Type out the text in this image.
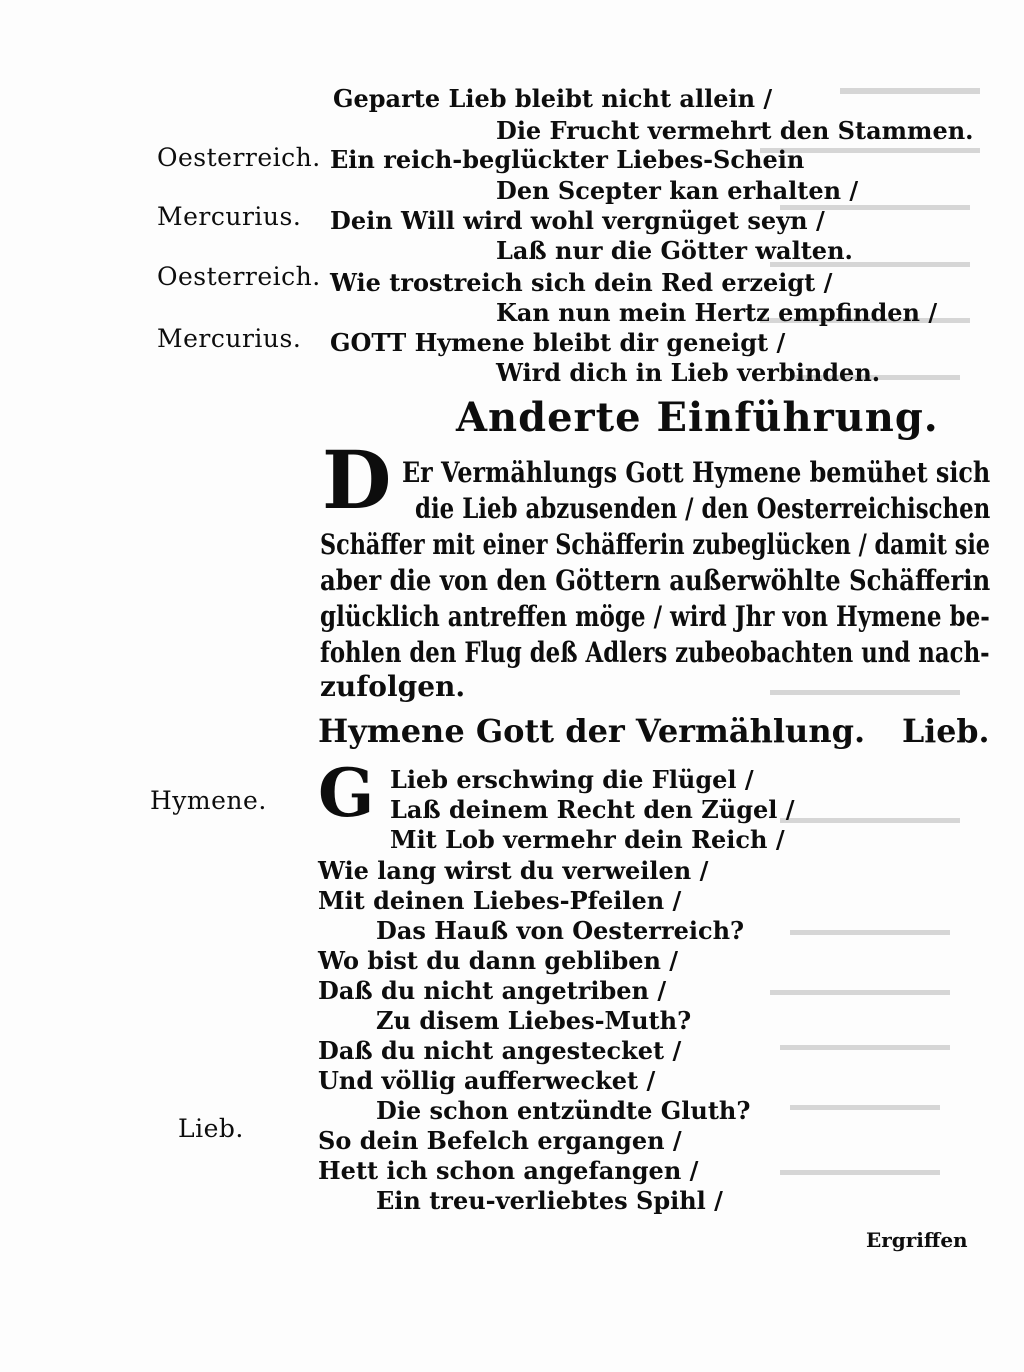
Geparte Lieb bleibt nicht allein /
Die Frucht vermehrt den Stammen.
Oesterreich. Ein reich-beglückter Liebes-Schein
Den Scepter kan erhalten /
Mercurius. Dein Will wird wohl vergnüget seyn /
Laß nur die Götter walten.
Oesterreich. Wie trostreich sich dein Red erzeigt /
Kan nun mein Hertz empfinden /
Mercurius. GOTT Hymene bleibt dir geneigt /
Wird dich in Lieb verbinden.
Anderte Einführung.
D Er Vermählungs Gott Hymene bemühet sich
die Lieb abzusenden / den Oesterreichischen
Schäffer mit einer Schäfferin zubeglücken / damit sie
aber die von den Göttern außerwöhlte Schäfferin
glücklich antreffen möge / wird Jhr von Hymene be-
fohlen den Flug deß Adlers zubeobachten und nach-
zufolgen.
Hymene Gott der Vermählung. Lieb.
Hymene. G Lieb erschwing die Flügel /
Laß deinem Recht den Zügel /
Mit Lob vermehr dein Reich /
Wie lang wirst du verweilen /
Mit deinen Liebes-Pfeilen /
Das Hauß von Oesterreich?
Wo bist du dann gebliben /
Daß du nicht angetriben /
Zu disem Liebes-Muth?
Daß du nicht angestecket /
Und völlig aufferwecket /
Die schon entzündte Gluth?
Lieb.	So dein Befelch ergangen /
Hett ich schon angefangen /
Ein treu-verliebtes Spihl /
Ergriffen
